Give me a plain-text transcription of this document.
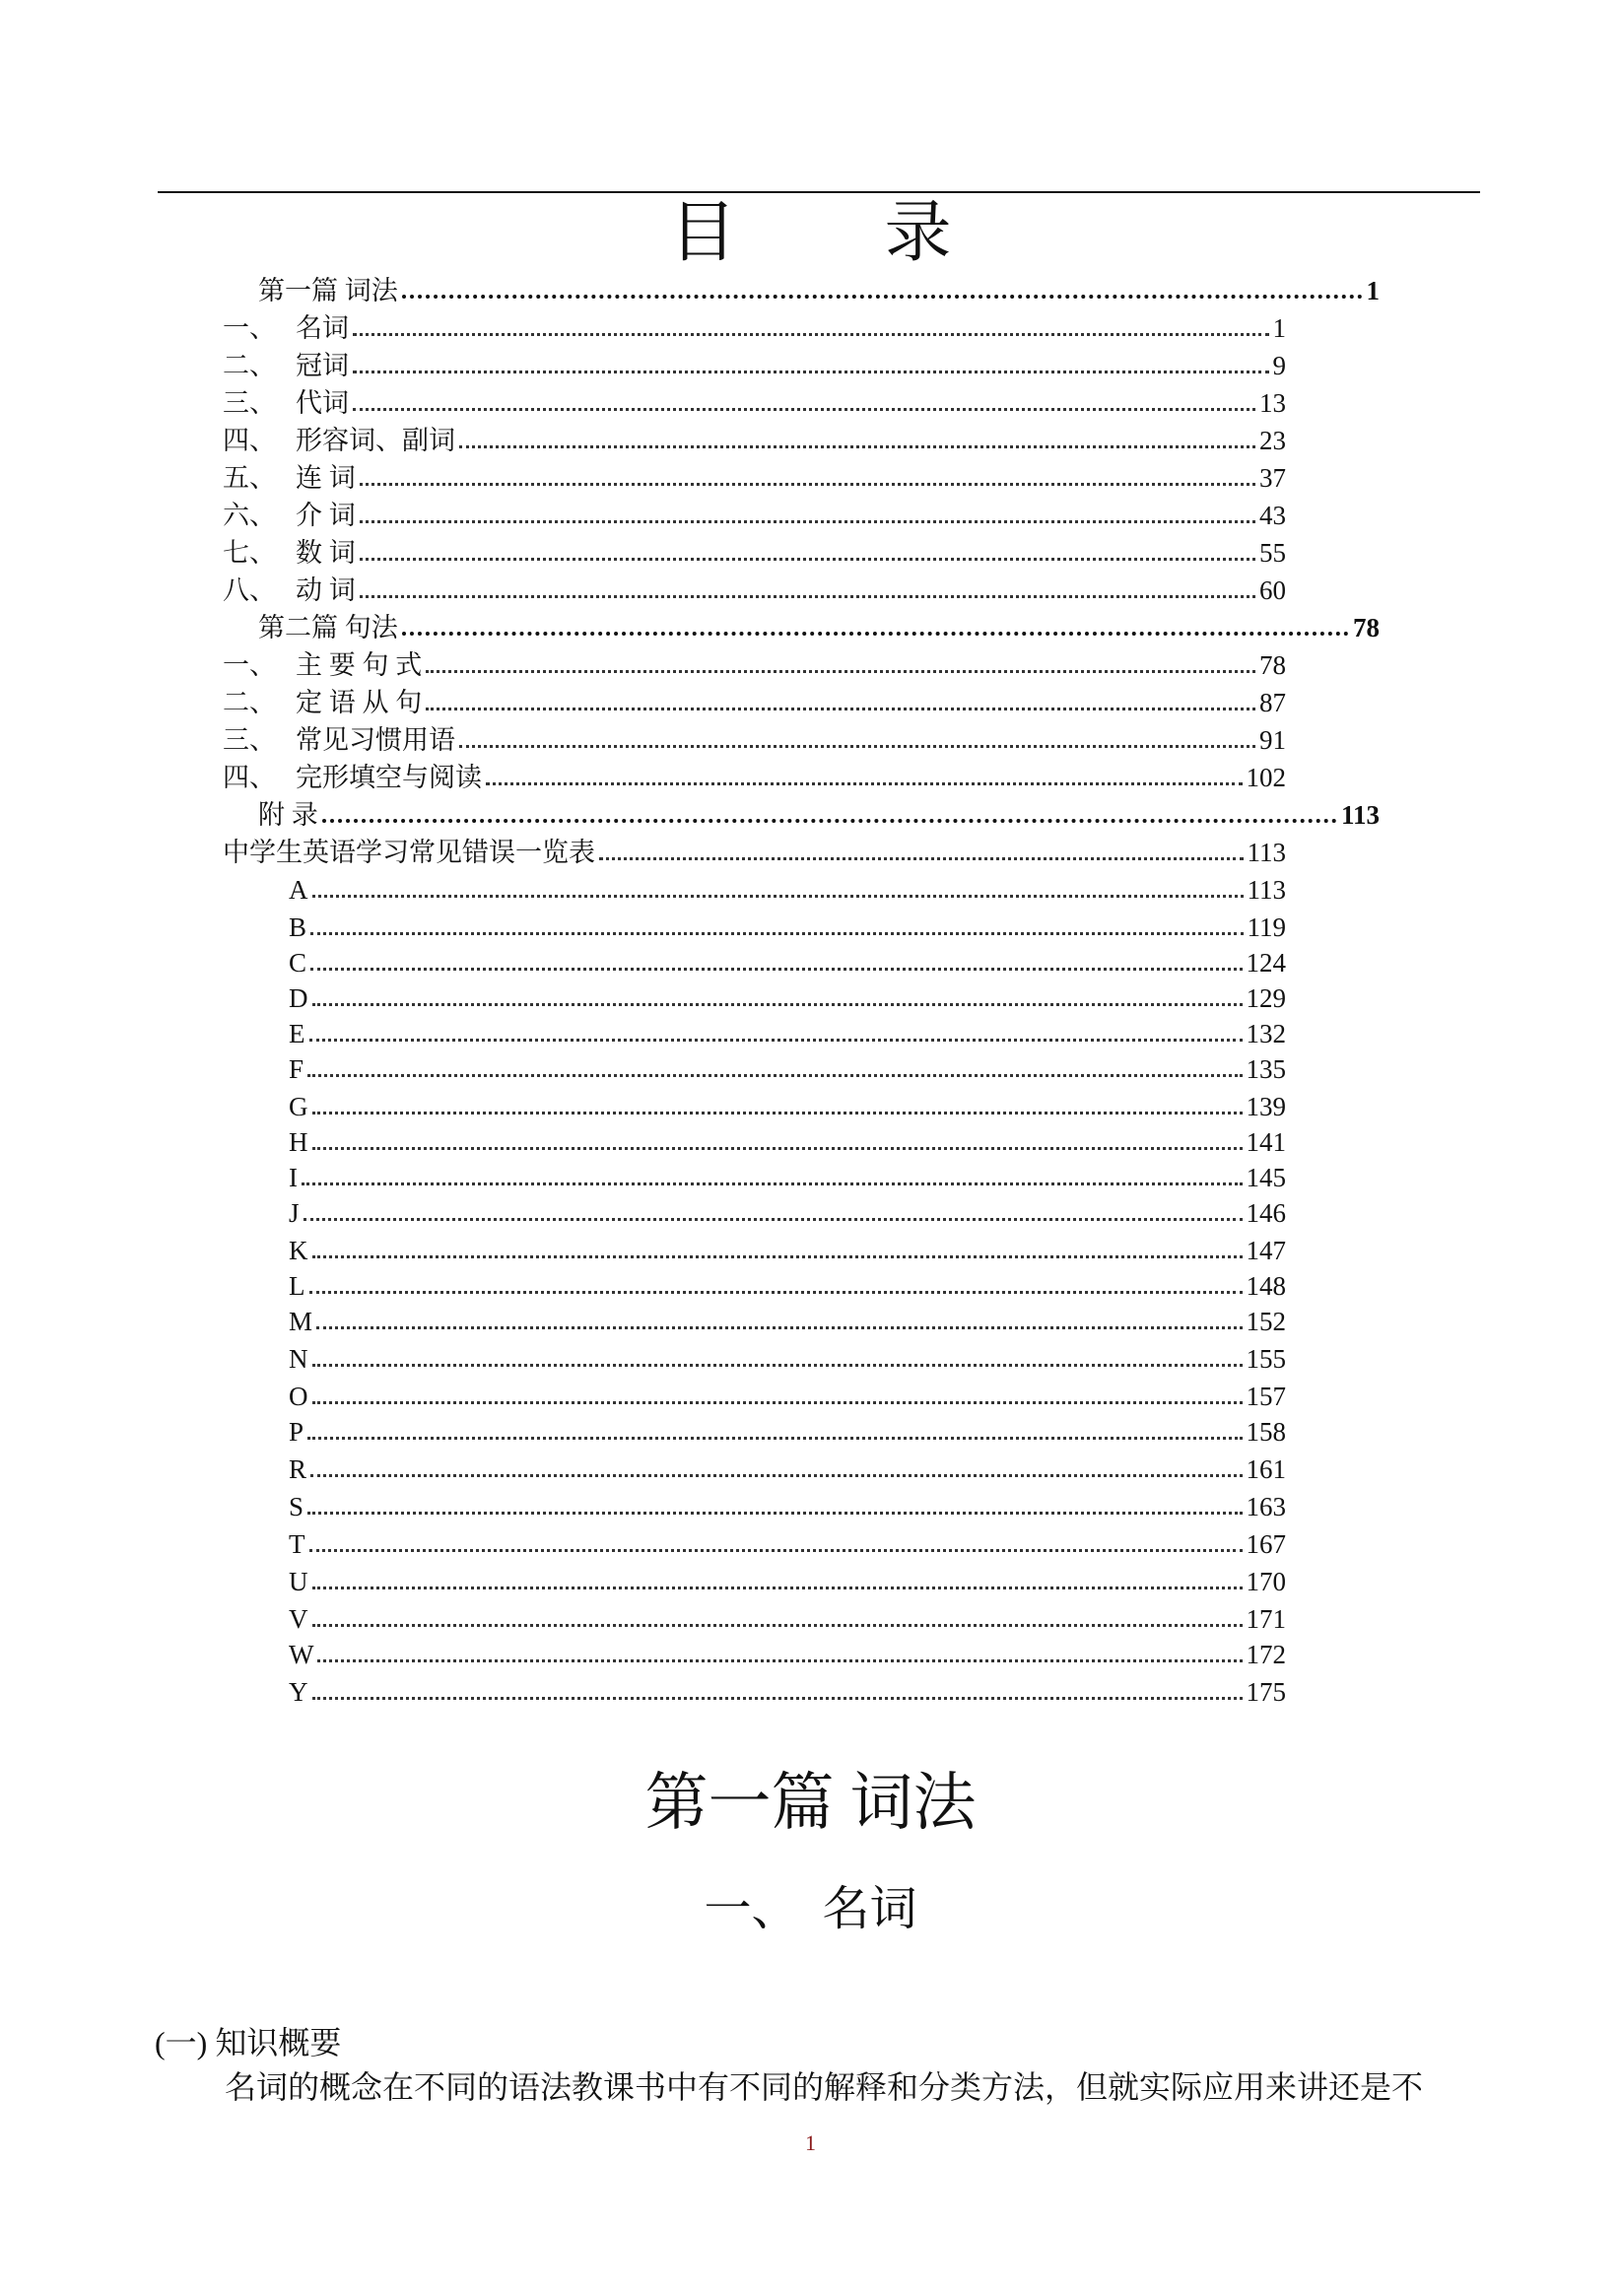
目 录
第一篇 词法	1
一、 名词	1
二、 冠词	9
三、 代词	13
四、 形容词、副词	23
五、 连 词	37
六、 介 词	43
七、 数 词	55
八、 动 词	60
第二篇 句法	78
一、 主 要 句 式	78
二、 定 语 从 句	87
三、 常见习惯用语	91
四、 完形填空与阅读	102
附 录	113
中学生英语学习常见错误一览表	113
A	113
B	119
C	124
D	129
E	132
F	135
G	139
H	141
I	145
J	146
K	147
L	148
M	152
N	155
O	157
P	158
R	161
S	163
T	167
U	170
V	171
W	172
Y	175
第一篇 词法
一、  名词
(一) 知识概要
名词的概念在不同的语法教课书中有不同的解释和分类方法，但就实际应用来讲还是不
1
